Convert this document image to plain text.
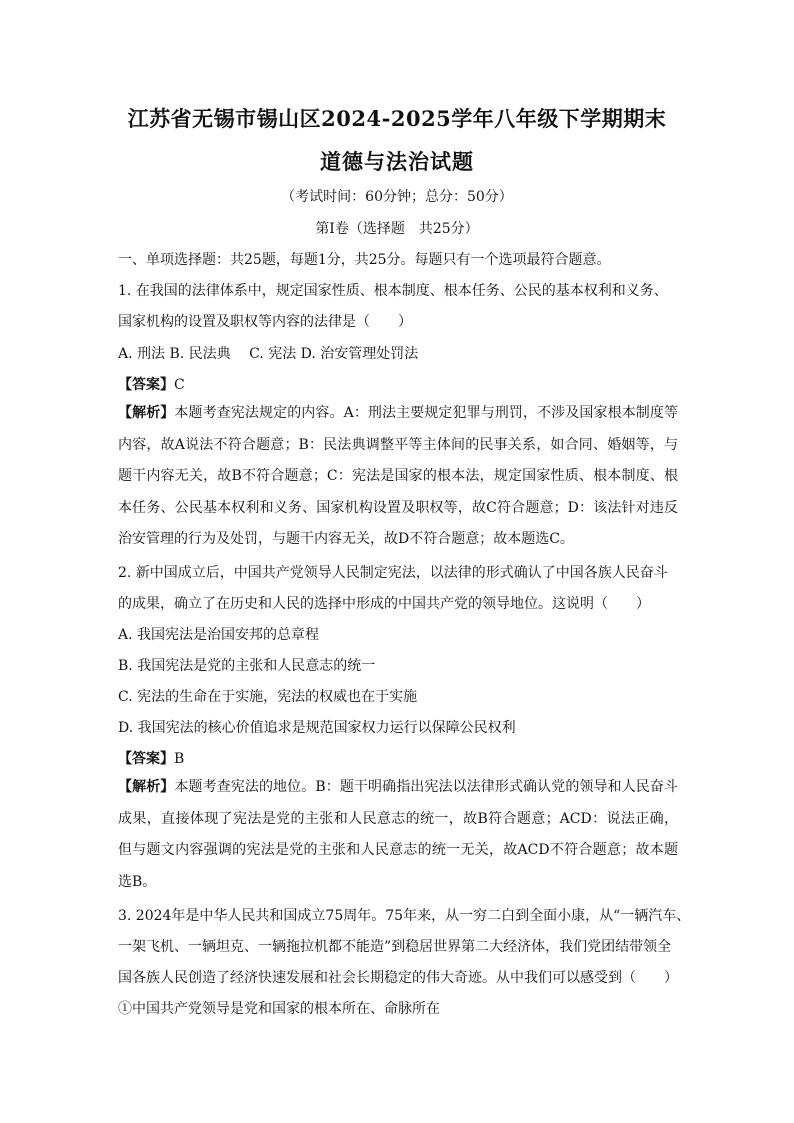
江苏省无锡市锡山区2024-2025学年八年级下学期期末
道德与法治试题
（考试时间：60分钟；总分：50分）
第Ⅰ卷（选择题　共25分）
一、单项选择题：共25题，每题1分，共25分。每题只有一个选项最符合题意。
1. 在我国的法律体系中，规定国家性质、根本制度、根本任务、公民的基本权利和义务、
国家机构的设置及职权等内容的法律是（　　）
A. 刑法 B. 民法典　 C. 宪法 D. 治安管理处罚法
【答案】C
【解析】本题考查宪法规定的内容。A：刑法主要规定犯罪与刑罚，不涉及国家根本制度等内容，故A说法不符合题意；B：民法典调整平等主体间的民事关系，如合同、婚姻等，与题干内容无关，故B不符合题意；C：宪法是国家的根本法，规定国家性质、根本制度、根本任务、公民基本权利和义务、国家机构设置及职权等，故C符合题意；D：该法针对违反治安管理的行为及处罚，与题干内容无关，故D不符合题意；故本题选C。
2. 新中国成立后，中国共产党领导人民制定宪法，以法律的形式确认了中国各族人民奋斗
的成果，确立了在历史和人民的选择中形成的中国共产党的领导地位。这说明（　　）
A. 我国宪法是治国安邦的总章程
B. 我国宪法是党的主张和人民意志的统一
C. 宪法的生命在于实施，宪法的权威也在于实施
D. 我国宪法的核心价值追求是规范国家权力运行以保障公民权利
【答案】B
【解析】本题考查宪法的地位。B：题干明确指出宪法以法律形式确认党的领导和人民奋斗成果，直接体现了宪法是党的主张和人民意志的统一，故B符合题意；ACD：说法正确，但与题文内容强调的宪法是党的主张和人民意志的统一无关，故ACD不符合题意；故本题选B。
3. 2024年是中华人民共和国成立75周年。75年来，从一穷二白到全面小康，从“一辆汽车、
一架飞机、一辆坦克、一辆拖拉机都不能造”到稳居世界第二大经济体，我们党团结带领全
国各族人民创造了经济快速发展和社会长期稳定的伟大奇迹。从中我们可以感受到（　　）
①中国共产党领导是党和国家的根本所在、命脉所在
